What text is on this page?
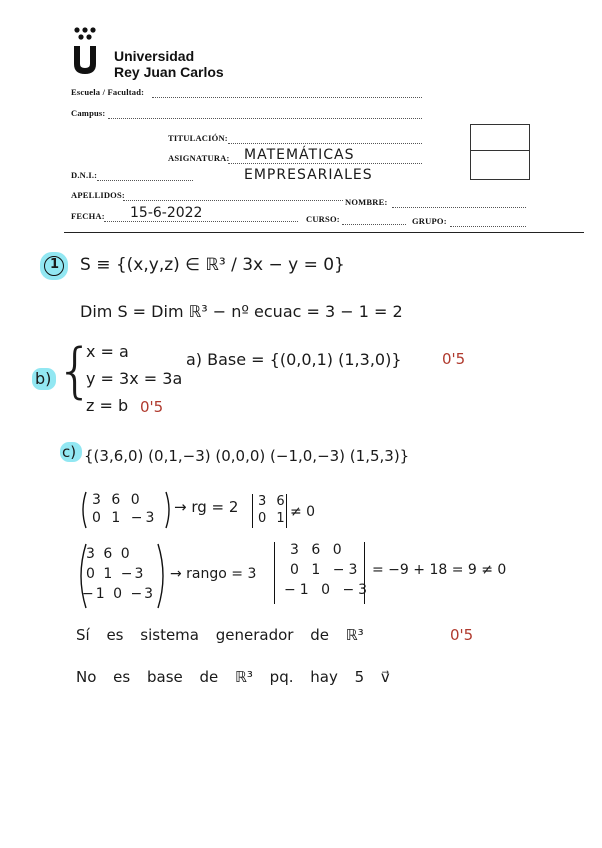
Universidad
Rey Juan Carlos
Escuela / Facultad:
Campus:
TITULACIÓN:
ASIGNATURA: MATEMÁTICAS
EMPRESARIALES
D.N.I.:
APELLIDOS:
NOMBRE:
FECHA: 15-6-2022	CURSO:	GRUPO:
1 S ≡ {(x,y,z) ∈ ℝ³ / 3x − y = 0}
Dim S = Dim ℝ³ − nº ecuac = 3 − 1 = 2
b) {
x = a
y = 3x = 3a
z = b 0'5
a) Base = {(0,0,1) (1,3,0)}	0'5
c) {(3,6,0) (0,1,−3) (0,0,0) (−1,0,−3) (1,5,3)}
3 6 0
0 1 −3
→ rg = 2 3 6
0 1 ≠ 0
3 6 0
0 1 −3
−1 0 −3
→ rango = 3
3 6 0
0 1 −3
−1 0 −3
= −9 + 18 = 9 ≠ 0
Sí es sistema generador de ℝ³	0'5
No es base de ℝ³ pq. hay 5 v⃗
